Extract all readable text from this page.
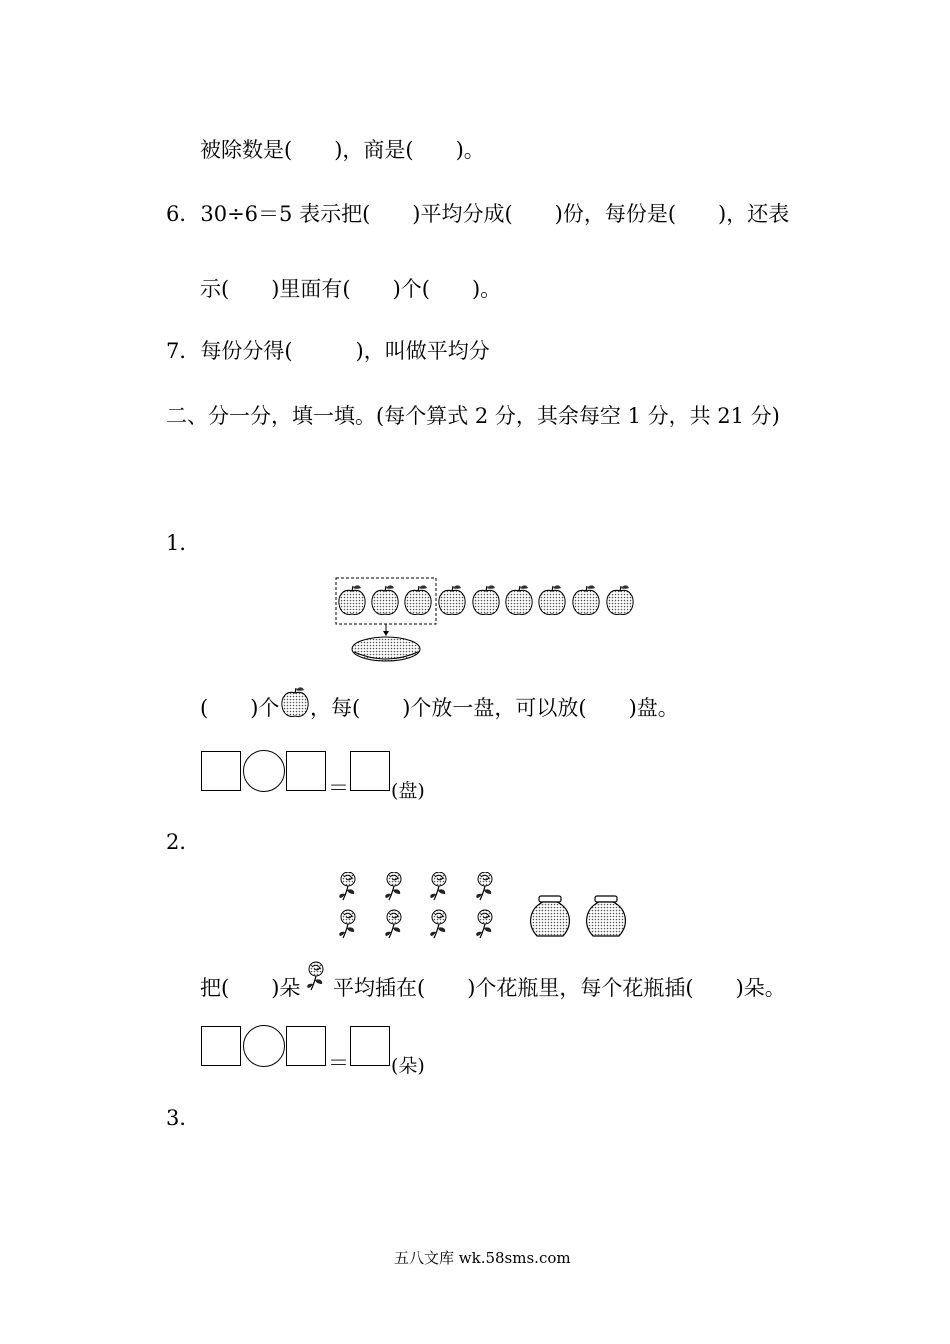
被除数是(　　)，商是(　　)。
6．30÷6＝5 表示把(　　)平均分成(　　)份，每份是(　　)，还表
示(　　)里面有(　　)个(　　)。
7．每份分得(　　　)，叫做平均分
二、分一分，填一填。(每个算式 2 分，其余每空 1 分，共 21 分)
1．
(　　)个 ，每(　　)个放一盘，可以放(　　)盘。
＝ (盘)
2．
把(　　)朵 平均插在(　　)个花瓶里，每个花瓶插(　　)朵。
＝ (朵)
3．
五八文库 wk.58sms.com
